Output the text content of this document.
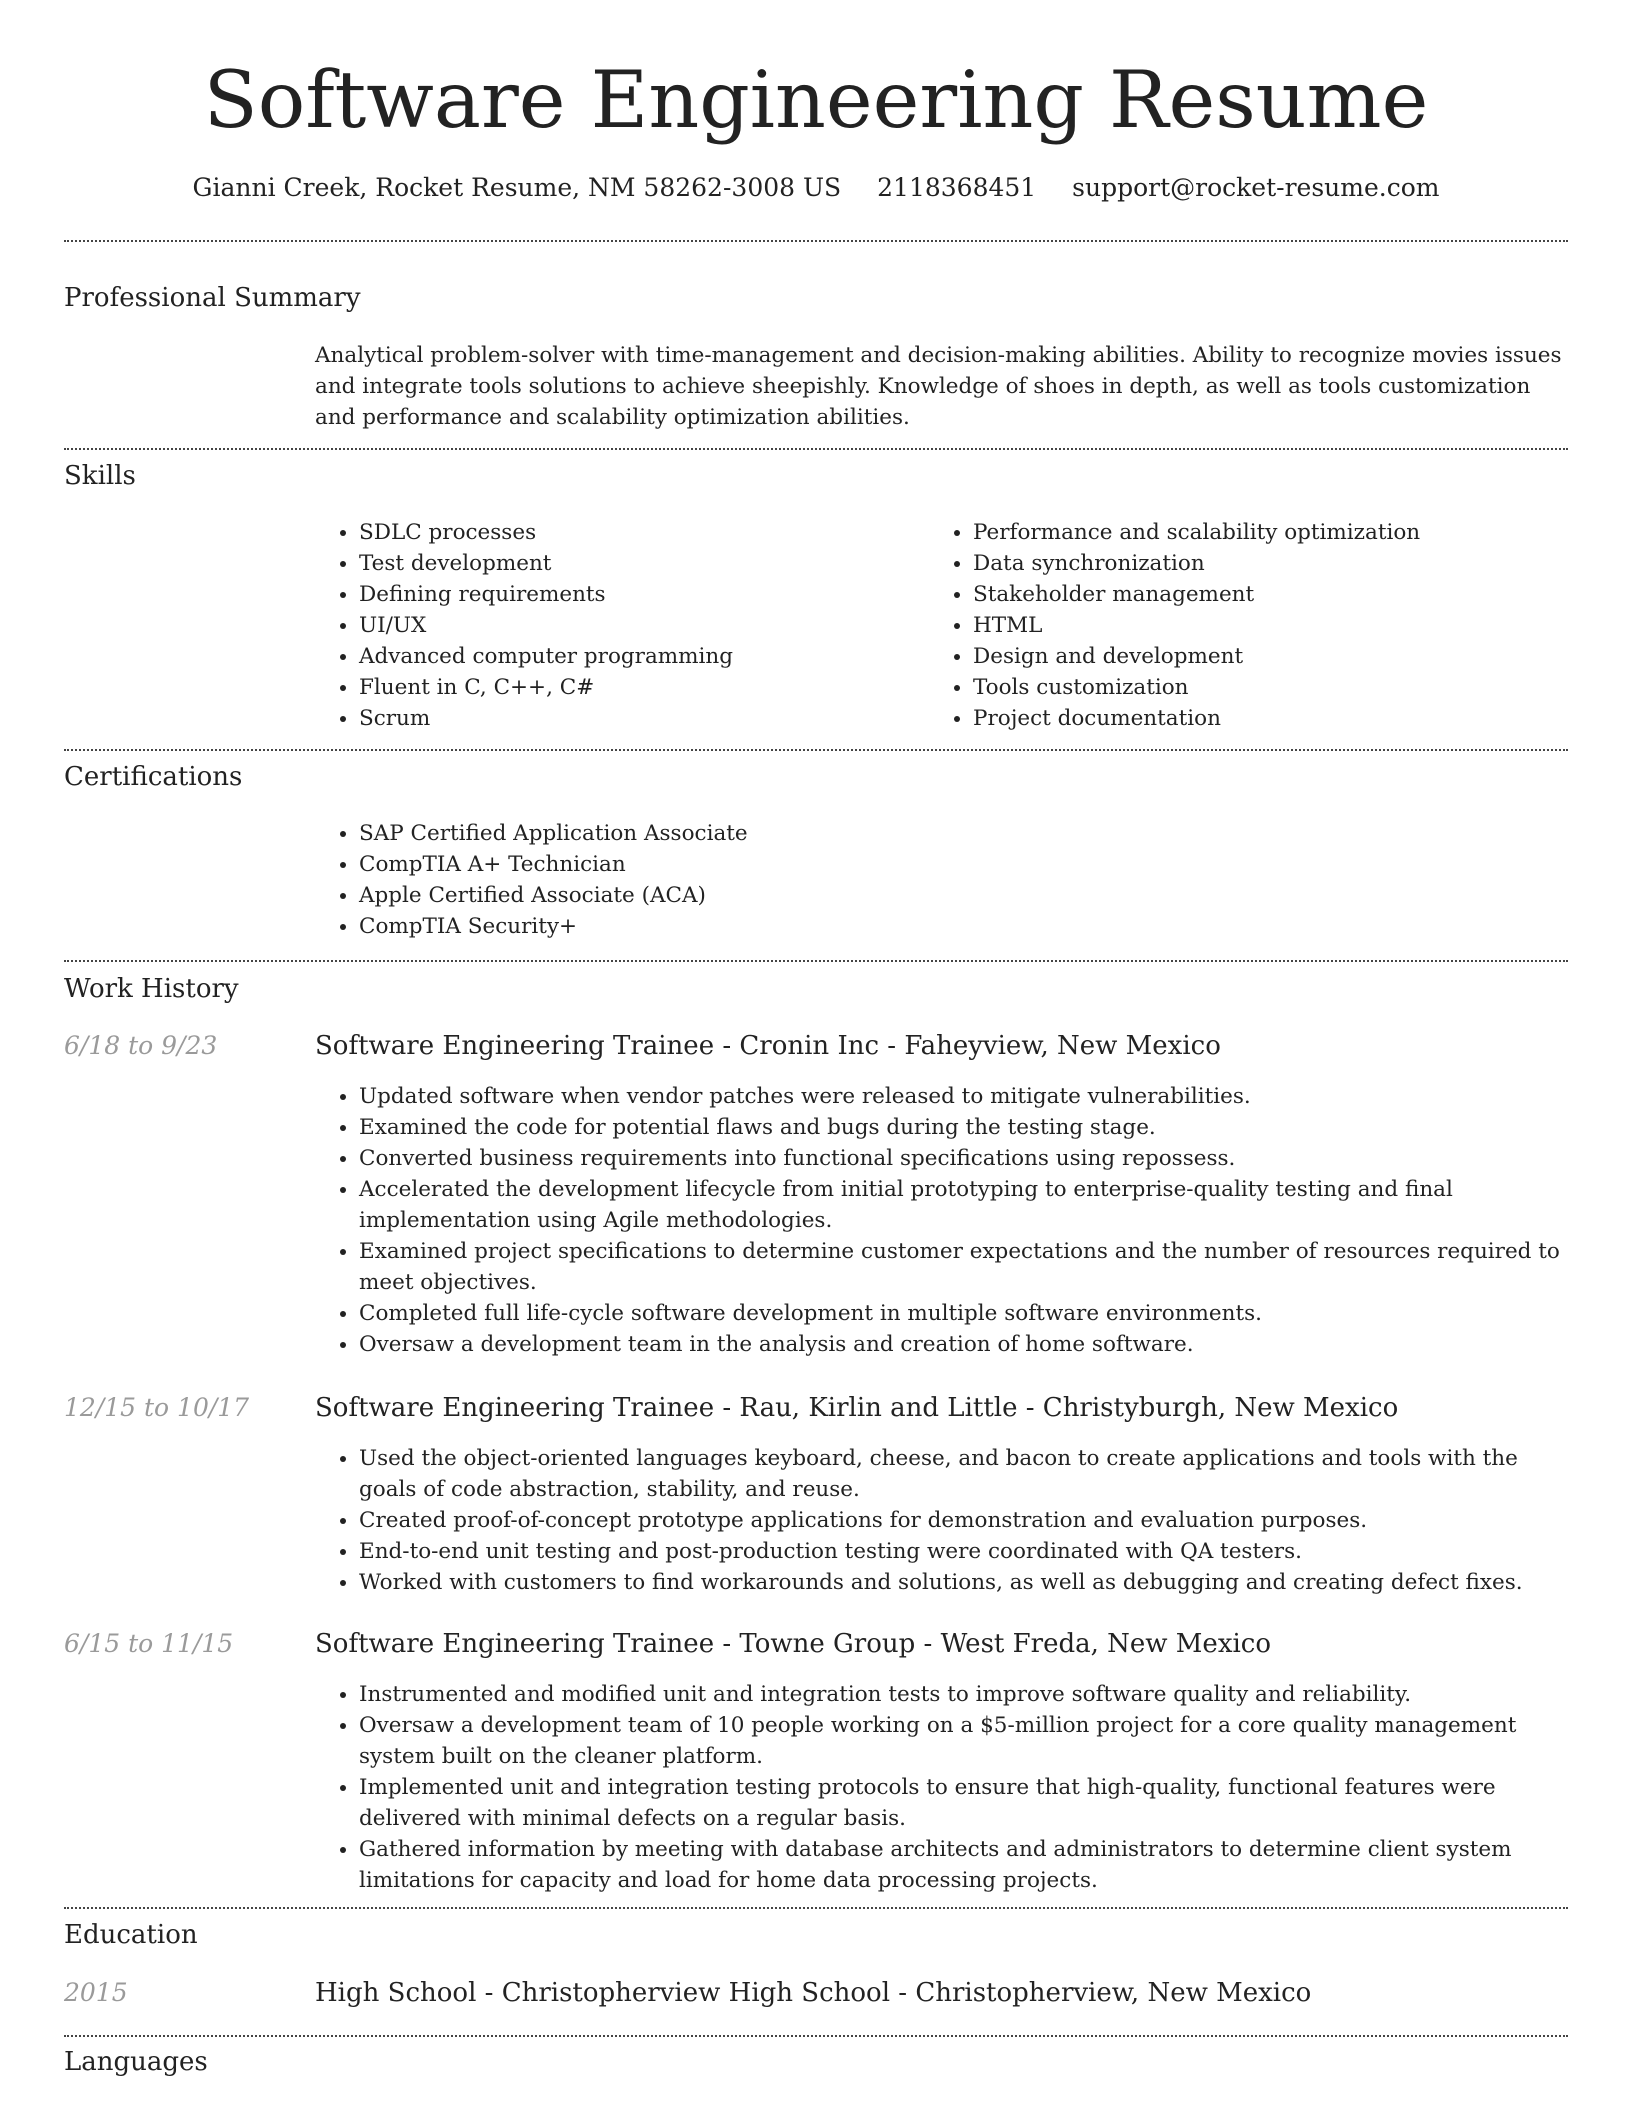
Software Engineering Resume
Gianni Creek, Rocket Resume, NM 58262-3008 US 2118368451 support@rocket-resume.com
Professional Summary

Analytical problem-solver with time-management and decision-making abilities. Ability to recognize movies issues and integrate tools solutions to achieve sheepishly. Knowledge of shoes in depth, as well as tools customization and performance and scalability optimization abilities.

Skills
• SDLC processes
• Test development
• Defining requirements
• UI/UX
• Advanced computer programming
• Fluent in C, C++, C#
• Scrum
• Performance and scalability optimization
• Data synchronization
• Stakeholder management
• HTML
• Design and development
• Tools customization
• Project documentation
Certifications
• SAP Certified Application Associate
• CompTIA A+ Technician
• Apple Certified Associate (ACA)
• CompTIA Security+
Work History
6/18 to 9/23	Software Engineering Trainee - Cronin Inc - Faheyview, New Mexico
• Updated software when vendor patches were released to mitigate vulnerabilities.
• Examined the code for potential flaws and bugs during the testing stage.
• Converted business requirements into functional specifications using repossess.
• Accelerated the development lifecycle from initial prototyping to enterprise-quality testing and final implementation using Agile methodologies.
• Examined project specifications to determine customer expectations and the number of resources required to meet objectives.
• Completed full life-cycle software development in multiple software environments.
• Oversaw a development team in the analysis and creation of home software.
12/15 to 10/17	Software Engineering Trainee - Rau, Kirlin and Little - Christyburgh, New Mexico
• Used the object-oriented languages keyboard, cheese, and bacon to create applications and tools with the goals of code abstraction, stability, and reuse.
• Created proof-of-concept prototype applications for demonstration and evaluation purposes.
• End-to-end unit testing and post-production testing were coordinated with QA testers.
• Worked with customers to find workarounds and solutions, as well as debugging and creating defect fixes.
6/15 to 11/15	Software Engineering Trainee - Towne Group - West Freda, New Mexico
• Instrumented and modified unit and integration tests to improve software quality and reliability.
• Oversaw a development team of 10 people working on a $5-million project for a core quality management system built on the cleaner platform.
• Implemented unit and integration testing protocols to ensure that high-quality, functional features were delivered with minimal defects on a regular basis.
• Gathered information by meeting with database architects and administrators to determine client system limitations for capacity and load for home data processing projects.
Education
2015	High School - Christopherview High School - Christopherview, New Mexico
Languages
